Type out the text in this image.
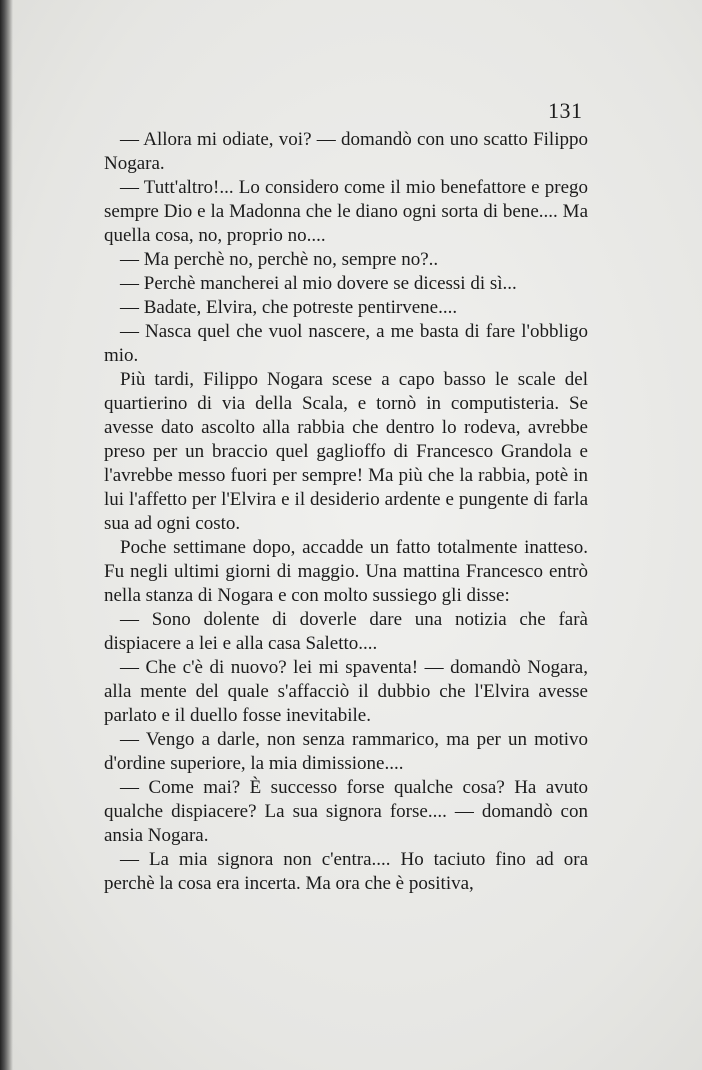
131

— Allora mi odiate, voi? — domandò con uno scatto Filippo Nogara.

— Tutt'altro!... Lo considero come il mio benefattore e prego sempre Dio e la Madonna che le diano ogni sorta di bene.... Ma quella cosa, no, proprio no....

— Ma perchè no, perchè no, sempre no?..

— Perchè mancherei al mio dovere se dicessi di sì...

— Badate, Elvira, che potreste pentirvene....

— Nasca quel che vuol nascere, a me basta di fare l'obbligo mio.

Più tardi, Filippo Nogara scese a capo basso le scale del quartierino di via della Scala, e tornò in computisteria. Se avesse dato ascolto alla rabbia che dentro lo rodeva, avrebbe preso per un braccio quel gaglioffo di Francesco Grandola e l'avrebbe messo fuori per sempre! Ma più che la rabbia, potè in lui l'affetto per l'Elvira e il desiderio ardente e pungente di farla sua ad ogni costo.

Poche settimane dopo, accadde un fatto totalmente inatteso. Fu negli ultimi giorni di maggio. Una mattina Francesco entrò nella stanza di Nogara e con molto sussiego gli disse:

— Sono dolente di doverle dare una notizia che farà dispiacere a lei e alla casa Saletto....

— Che c'è di nuovo? lei mi spaventa! — domandò Nogara, alla mente del quale s'affacciò il dubbio che l'Elvira avesse parlato e il duello fosse inevitabile.

— Vengo a darle, non senza rammarico, ma per un motivo d'ordine superiore, la mia dimissione....

— Come mai? È successo forse qualche cosa? Ha avuto qualche dispiacere? La sua signora forse.... — domandò con ansia Nogara.

— La mia signora non c'entra.... Ho taciuto fino ad ora perchè la cosa era incerta. Ma ora che è positiva,
